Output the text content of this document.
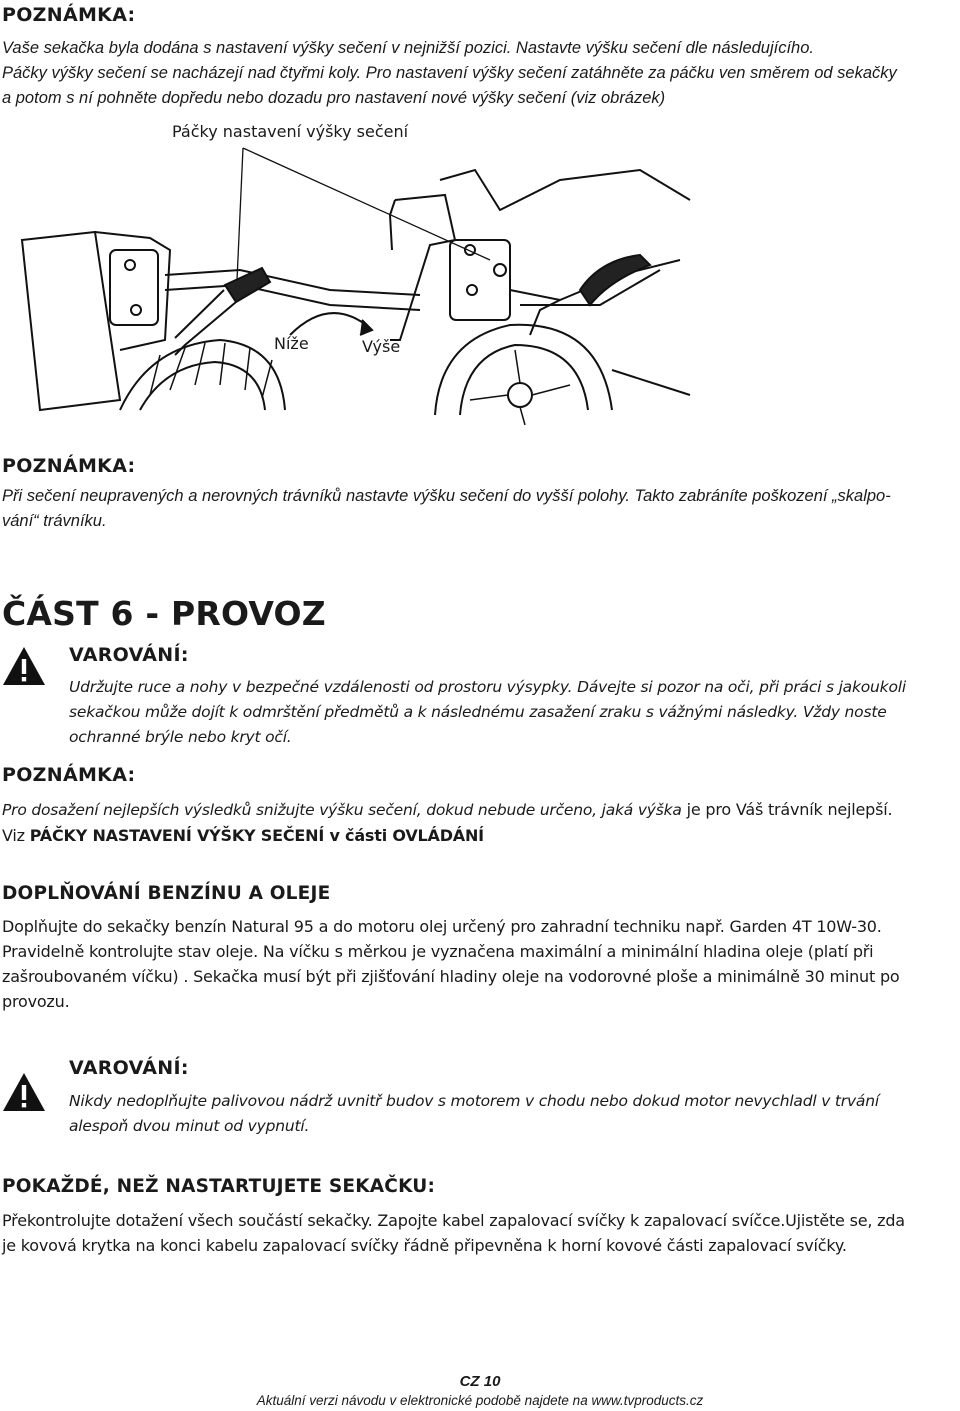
POZNÁMKA:
Vaše sekačka byla dodána s nastavení výšky sečení v nejnižší pozici. Nastavte výšku sečení dle následujícího.
Páčky výšky sečení se nacházejí nad čtyřmi koly. Pro nastavení výšky sečení zatáhněte za páčku ven směrem od sekačky
a potom s ní pohněte dopředu nebo dozadu pro nastavení nové výšky sečení (viz obrázek)
Páčky nastavení výšky sečení
Níže	Výše
POZNÁMKA:
Při sečení neupravených a nerovných trávníků nastavte výšku sečení do vyšší polohy. Takto zabráníte poškození „skalpo-
vání“ trávníku.
ČÁST 6 - PROVOZ
VAROVÁNÍ:
Udržujte ruce a nohy v bezpečné vzdálenosti od prostoru výsypky. Dávejte si pozor na oči, při práci s jakoukoli
sekačkou může dojít k odmrštění předmětů a k následnému zasažení zraku s vážnými následky. Vždy noste
ochranné brýle nebo kryt očí.
POZNÁMKA:
Pro dosažení nejlepších výsledků snižujte výšku sečení, dokud nebude určeno, jaká výška je pro Váš trávník nejlepší.
Viz PÁČKY NASTAVENÍ VÝŠKY SEČENÍ v části OVLÁDÁNÍ
DOPLŇOVÁNÍ BENZÍNU A OLEJE
Doplňujte do sekačky benzín Natural 95 a do motoru olej určený pro zahradní techniku např. Garden 4T 10W-30.
Pravidelně kontrolujte stav oleje. Na víčku s měrkou je vyznačena maximální a minimální hladina oleje (platí při
zašroubovaném víčku) . Sekačka musí být při zjišťování hladiny oleje na vodorovné ploše a minimálně 30 minut po
provozu.
VAROVÁNÍ:
Nikdy nedoplňujte palivovou nádrž uvnitř budov s motorem v chodu nebo dokud motor nevychladl v trvání
alespoň dvou minut od vypnutí.
POKAŽDÉ, NEŽ NASTARTUJETE SEKAČKU:
Překontrolujte dotažení všech součástí sekačky. Zapojte kabel zapalovací svíčky k zapalovací svíčce.Ujistěte se, zda
je kovová krytka na konci kabelu zapalovací svíčky řádně připevněna k horní kovové části zapalovací svíčky.
CZ 10
Aktuální verzi návodu v elektronické podobě najdete na www.tvproducts.cz
